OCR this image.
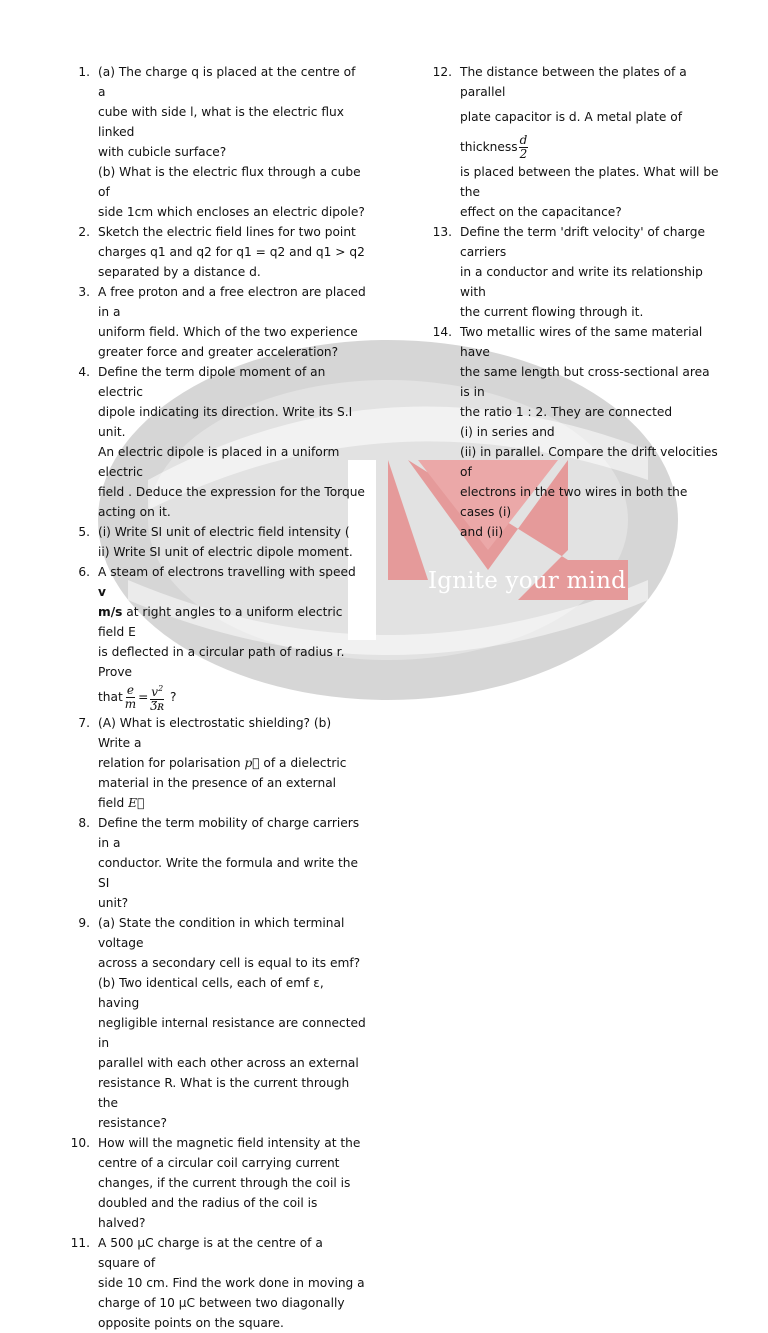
Ignite your mind
1. (a) The charge q is placed at the centre of a
cube with side l, what is the electric flux linked
with cubicle surface?
(b) What is the electric flux through a cube of
side 1cm which encloses an electric dipole?
2. Sketch the electric field lines for two point
charges q1 and q2 for q1 = q2 and q1 > q2
separated by a distance d.
3. A free proton and a free electron are placed in a
uniform field. Which of the two experience
greater force and greater acceleration?
4. Define the term dipole moment of an electric
dipole indicating its direction. Write its S.I unit.
An electric dipole is placed in a uniform electric
field . Deduce the expression for the Torque
acting on it.
5. (i) Write SI unit of electric field intensity (
ii) Write SI unit of electric dipole moment.
6. A steam of electrons travelling with speed v
m/s at right angles to a uniform electric field E
is deflected in a circular path of radius r. Prove
that $\frac{e}{m} = \frac{v^2}{\text{Ʒʀ}}$ ?
7. (A) What is electrostatic shielding? (b) Write a
relation for polarisation p⃗ of a dielectric
material in the presence of an external field E⃗
8. Define the term mobility of charge carriers in a
conductor. Write the formula and write the SI
unit?
9. (a) State the condition in which terminal voltage
across a secondary cell is equal to its emf?
(b) Two identical cells, each of emf ε, having
negligible internal resistance are connected in
parallel with each other across an external
resistance R. What is the current through the
resistance?
10. How will the magnetic field intensity at the
centre of a circular coil carrying current
changes, if the current through the coil is
doubled and the radius of the coil is halved?
11. A 500 µC charge is at the centre of a square of
side 10 cm. Find the work done in moving a
charge of 10 µC between two diagonally
opposite points on the square.
12. The distance between the plates of a parallel
plate capacitor is d. A metal plate of thickness $\frac{d}{2}$
is placed between the plates. What will be the
effect on the capacitance?
13. Define the term 'drift velocity' of charge carriers
in a conductor and write its relationship with
the current flowing through it.
14. Two metallic wires of the same material have
the same length but cross-sectional area is in
the ratio 1 : 2. They are connected
(i) in series and
(ii) in parallel. Compare the drift velocities of
electrons in the two wires in both the cases (i)
and (ii)
